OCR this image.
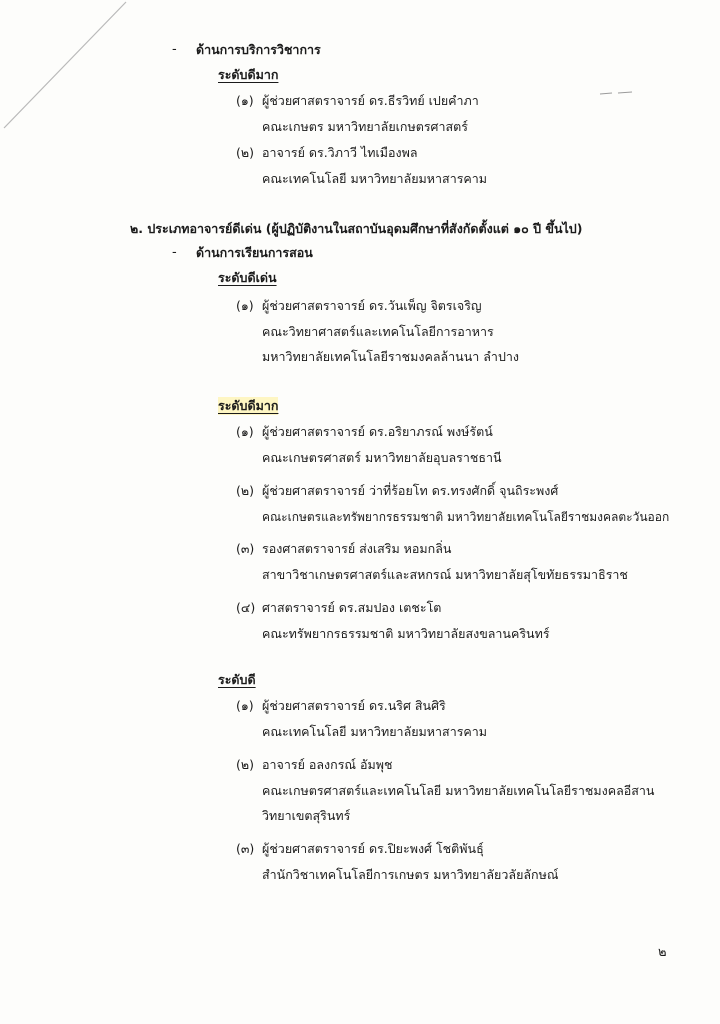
- ด้านการบริการวิชาการ
ระดับดีมาก
(๑) ผู้ช่วยศาสตราจารย์ ดร.ธีรวิทย์ เปยคำภา
คณะเกษตร มหาวิทยาลัยเกษตรศาสตร์
(๒) อาจารย์ ดร.วิภาวี ไทเมืองพล
คณะเทคโนโลยี มหาวิทยาลัยมหาสารคาม
๒. ประเภทอาจารย์ดีเด่น (ผู้ปฏิบัติงานในสถาบันอุดมศึกษาที่สังกัดตั้งแต่ ๑๐ ปี ขึ้นไป)
- ด้านการเรียนการสอน
ระดับดีเด่น
(๑) ผู้ช่วยศาสตราจารย์ ดร.วันเพ็ญ จิตรเจริญ
คณะวิทยาศาสตร์และเทคโนโลยีการอาหาร
มหาวิทยาลัยเทคโนโลยีราชมงคลล้านนา ลำปาง
ระดับดีมาก
(๑) ผู้ช่วยศาสตราจารย์ ดร.อริยาภรณ์ พงษ์รัตน์
คณะเกษตรศาสตร์ มหาวิทยาลัยอุบลราชธานี
(๒) ผู้ช่วยศาสตราจารย์ ว่าที่ร้อยโท ดร.ทรงศักดิ์ จุนถิระพงศ์
คณะเกษตรและทรัพยากรธรรมชาติ มหาวิทยาลัยเทคโนโลยีราชมงคลตะวันออก
(๓) รองศาสตราจารย์ ส่งเสริม หอมกลิ่น
สาขาวิชาเกษตรศาสตร์และสหกรณ์ มหาวิทยาลัยสุโขทัยธรรมาธิราช
(๔) ศาสตราจารย์ ดร.สมปอง เตชะโต
คณะทรัพยากรธรรมชาติ มหาวิทยาลัยสงขลานครินทร์
ระดับดี
(๑) ผู้ช่วยศาสตราจารย์ ดร.นริศ สินศิริ
คณะเทคโนโลยี มหาวิทยาลัยมหาสารคาม
(๒) อาจารย์ อลงกรณ์ อัมพุช
คณะเกษตรศาสตร์และเทคโนโลยี มหาวิทยาลัยเทคโนโลยีราชมงคลอีสาน
วิทยาเขตสุรินทร์
(๓) ผู้ช่วยศาสตราจารย์ ดร.ปิยะพงศ์ โชติพันธุ์
สำนักวิชาเทคโนโลยีการเกษตร มหาวิทยาลัยวลัยลักษณ์
๒
